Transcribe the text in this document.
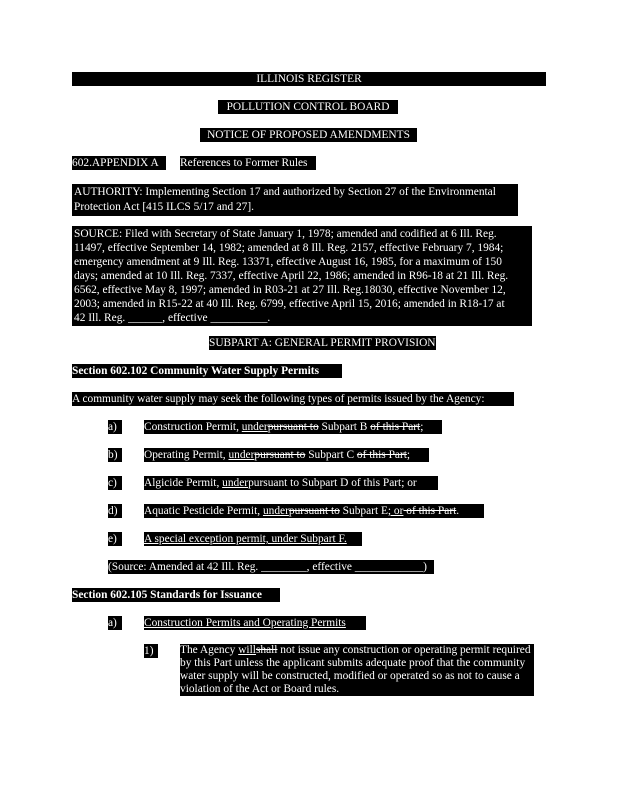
ILLINOIS REGISTER
POLLUTION CONTROL BOARD
NOTICE OF PROPOSED AMENDMENTS
602.APPENDIX A	References to Former Rules
AUTHORITY: Implementing Section 17 and authorized by Section 27 of the Environmental
Protection Act [415 ILCS 5/17 and 27].
SOURCE: Filed with Secretary of State January 1, 1978; amended and codified at 6 Ill. Reg.
11497, effective September 14, 1982; amended at 8 Ill. Reg. 2157, effective February 7, 1984;
emergency amendment at 9 Ill. Reg. 13371, effective August 16, 1985, for a maximum of 150
days; amended at 10 Ill. Reg. 7337, effective April 22, 1986; amended in R96-18 at 21 Ill. Reg.
6562, effective May 8, 1997; amended in R03-21 at 27 Ill. Reg.18030, effective November 12,
2003; amended in R15-22 at 40 Ill. Reg. 6799, effective April 15, 2016; amended in R18-17 at
42 Ill. Reg. ______, effective __________.
SUBPART A: GENERAL PERMIT PROVISIONS
Section 602.102 Community Water Supply Permits
A community water supply may seek the following types of permits issued by the Agency:
a)	Construction Permit, underpursuant to Subpart B of this Part;
b)	Operating Permit, underpursuant to Subpart C of this Part;
c)	Algicide Permit, underpursuant to Subpart D of this Part; or
d)	Aquatic Pesticide Permit, underpursuant to Subpart E; or of this Part.
e)	A special exception permit, under Subpart F.
(Source: Amended at 42 Ill. Reg. ________, effective ____________)
Section 602.105 Standards for Issuance
a)	Construction Permits and Operating Permits
1)	The Agency willshall not issue any construction or operating permit required by this Part unless the applicant submits adequate proof that the community water supply will be constructed, modified or operated so as not to cause a violation of the Act or Board rules.
